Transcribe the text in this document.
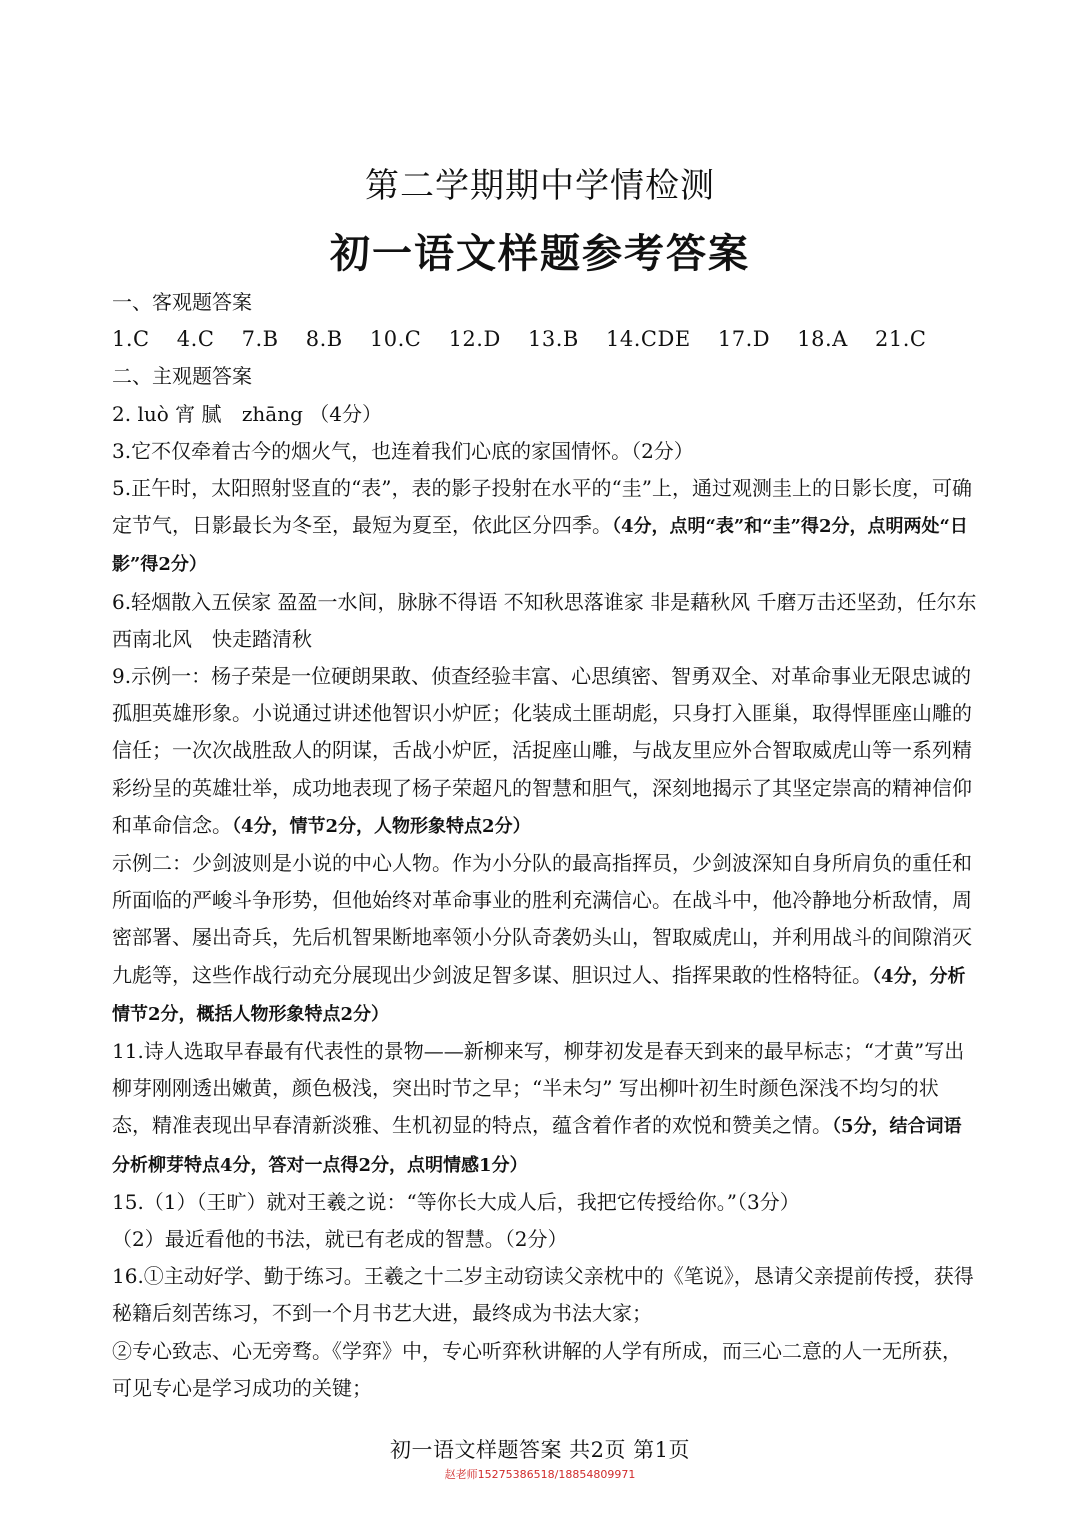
第二学期期中学情检测
初一语文样题参考答案

一、客观题答案

1.C 4.C 7.B 8.B 10.C 12.D 13.B 14.CDE 17.D 18.A 21.C

二、主观题答案

2. luò 宵 腻 zhāng （4分）

3.它不仅牵着古今的烟火气，也连着我们心底的家国情怀。（2分）

5.正午时，太阳照射竖直的“表”，表的影子投射在水平的“圭”上，通过观测圭上的日影长度，可确定节气，日影最长为冬至，最短为夏至，依此区分四季。（4分，点明“表”和“圭”得2分，点明两处“日影”得2分）

6.轻烟散入五侯家 盈盈一水间，脉脉不得语 不知秋思落谁家 非是藉秋风 千磨万击还坚劲，任尔东西南北风　快走踏清秋

9.示例一：杨子荣是一位硬朗果敢、侦查经验丰富、心思缜密、智勇双全、对革命事业无限忠诚的孤胆英雄形象。小说通过讲述他智识小炉匠；化装成土匪胡彪，只身打入匪巢，取得悍匪座山雕的信任；一次次战胜敌人的阴谋，舌战小炉匠，活捉座山雕，与战友里应外合智取威虎山等一系列精彩纷呈的英雄壮举，成功地表现了杨子荣超凡的智慧和胆气，深刻地揭示了其坚定崇高的精神信仰和革命信念。（4分，情节2分，人物形象特点2分）

示例二：少剑波则是小说的中心人物。作为小分队的最高指挥员，少剑波深知自身所肩负的重任和所面临的严峻斗争形势，但他始终对革命事业的胜利充满信心。在战斗中，他冷静地分析敌情，周密部署、屡出奇兵，先后机智果断地率领小分队奇袭奶头山，智取威虎山，并利用战斗的间隙消灭九彪等，这些作战行动充分展现出少剑波足智多谋、胆识过人、指挥果敢的性格特征。（4分，分析情节2分，概括人物形象特点2分）

11.诗人选取早春最有代表性的景物——新柳来写，柳芽初发是春天到来的最早标志；“才黄”写出柳芽刚刚透出嫩黄，颜色极浅，突出时节之早；“半未匀” 写出柳叶初生时颜色深浅不均匀的状态，精准表现出早春清新淡雅、生机初显的特点，蕴含着作者的欢悦和赞美之情。（5分，结合词语分析柳芽特点4分，答对一点得2分，点明情感1分）

15.（1）（王旷）就对王羲之说：“等你长大成人后，我把它传授给你。”（3分）

（2）最近看他的书法，就已有老成的智慧。（2分）

16.①主动好学、勤于练习。王羲之十二岁主动窃读父亲枕中的《笔说》，恳请父亲提前传授，获得秘籍后刻苦练习，不到一个月书艺大进，最终成为书法大家；

②专心致志、心无旁骛。《学弈》中，专心听弈秋讲解的人学有所成，而三心二意的人一无所获，可见专心是学习成功的关键；

初一语文样题答案 共2页 第1页
赵老师15275386518/18854809971
